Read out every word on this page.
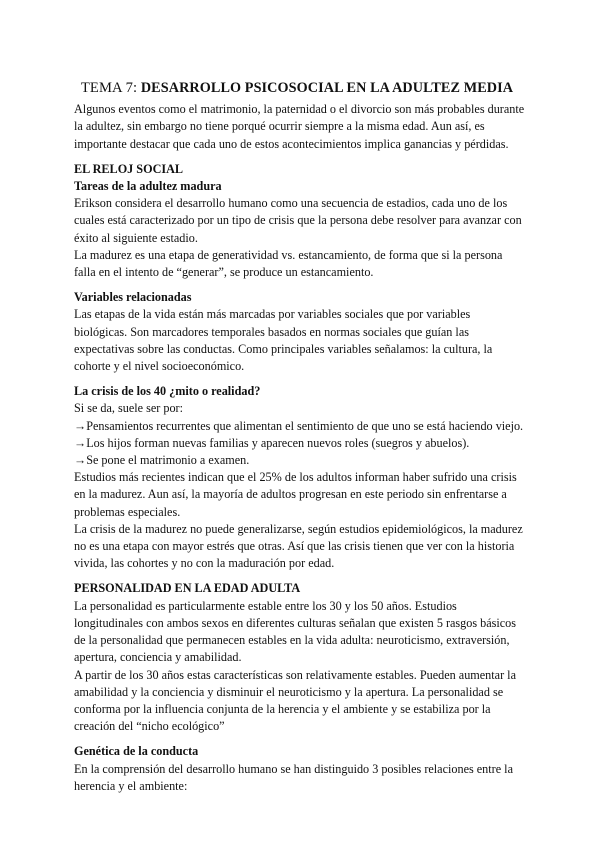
TEMA 7: DESARROLLO PSICOSOCIAL EN LA ADULTEZ MEDIA

Algunos eventos como el matrimonio, la paternidad o el divorcio son más probables durante la adultez, sin embargo no tiene porqué ocurrir siempre a la misma edad. Aun así, es importante destacar que cada uno de estos acontecimientos implica ganancias y pérdidas.

EL RELOJ SOCIAL

Tareas de la adultez madura

Erikson considera el desarrollo humano como una secuencia de estadios, cada uno de los cuales está caracterizado por un tipo de crisis que la persona debe resolver para avanzar con éxito al siguiente estadio.

La madurez es una etapa de generatividad vs. estancamiento, de forma que si la persona falla en el intento de “generar”, se produce un estancamiento.

Variables relacionadas

Las etapas de la vida están más marcadas por variables sociales que por variables biológicas. Son marcadores temporales basados en normas sociales que guían las expectativas sobre las conductas. Como principales variables señalamos: la cultura, la cohorte y el nivel socioeconómico.

La crisis de los 40 ¿mito o realidad?

Si se da, suele ser por:

→Pensamientos recurrentes que alimentan el sentimiento de que uno se está haciendo viejo.

→Los hijos forman nuevas familias y aparecen nuevos roles (suegros y abuelos).

→Se pone el matrimonio a examen.

Estudios más recientes indican que el 25% de los adultos informan haber sufrido una crisis en la madurez. Aun así, la mayoría de adultos progresan en este periodo sin enfrentarse a problemas especiales.

La crisis de la madurez no puede generalizarse, según estudios epidemiológicos, la madurez no es una etapa con mayor estrés que otras. Así que las crisis tienen que ver con la historia vivida, las cohortes y no con la maduración por edad.

PERSONALIDAD EN LA EDAD ADULTA

La personalidad es particularmente estable entre los 30 y los 50 años. Estudios longitudinales con ambos sexos en diferentes culturas señalan que existen 5 rasgos básicos de la personalidad que permanecen estables en la vida adulta: neuroticismo, extraversión, apertura, conciencia y amabilidad.

A partir de los 30 años estas características son relativamente estables. Pueden aumentar la amabilidad y la conciencia y disminuir el neuroticismo y la apertura. La personalidad se conforma por la influencia conjunta de la herencia y el ambiente y se estabiliza por la creación del “nicho ecológico”

Genética de la conducta

En la comprensión del desarrollo humano se han distinguido 3 posibles relaciones entre la herencia y el ambiente:
